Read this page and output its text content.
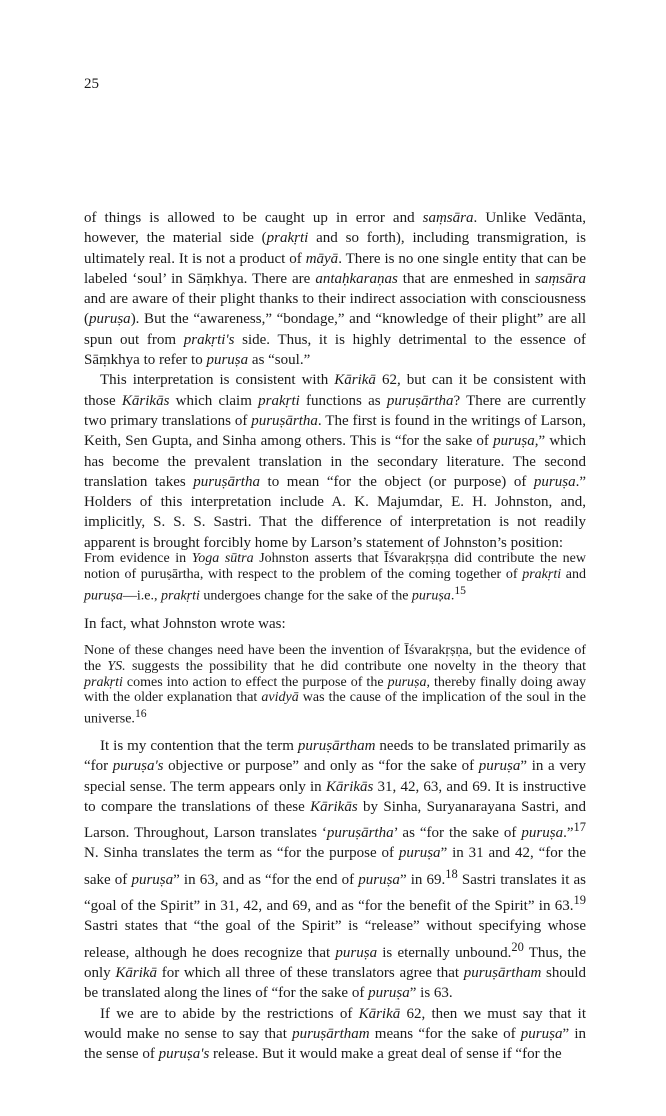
25

of things is allowed to be caught up in error and saṃsāra. Unlike Vedānta, however, the material side (prakṛti and so forth), including transmigration, is ultimately real. It is not a product of māyā. There is no one single entity that can be labeled ‘soul’ in Sāṃkhya. There are antaḥkaraṇas that are enmeshed in saṃsāra and are aware of their plight thanks to their indirect association with consciousness (puruṣa). But the “awareness,” “bondage,” and “knowledge of their plight” are all spun out from prakṛti's side. Thus, it is highly detrimental to the essence of Sāṃkhya to refer to puruṣa as “soul.”

This interpretation is consistent with Kārikā 62, but can it be consistent with those Kārikās which claim prakṛti functions as puruṣārtha? There are currently two primary translations of puruṣārtha. The first is found in the writings of Larson, Keith, Sen Gupta, and Sinha among others. This is “for the sake of puruṣa,” which has become the prevalent translation in the secondary literature. The second translation takes puruṣārtha to mean “for the object (or purpose) of puruṣa.” Holders of this interpretation include A. K. Majumdar, E. H. Johnston, and, implicitly, S. S. S. Sastri. That the difference of interpretation is not readily apparent is brought forcibly home by Larson’s statement of Johnston’s position:

From evidence in Yoga sūtra Johnston asserts that Īśvarakṛṣṇa did contribute the new notion of puruṣārtha, with respect to the problem of the coming together of prakṛti and puruṣa—i.e., prakṛti undergoes change for the sake of the puruṣa.$^{15}$

In fact, what Johnston wrote was:

None of these changes need have been the invention of Īśvarakṛṣṇa, but the evidence of the YS. suggests the possibility that he did contribute one novelty in the theory that prakṛti comes into action to effect the purpose of the puruṣa, thereby finally doing away with the older explanation that avidyā was the cause of the implication of the soul in the universe.$^{16}$

It is my contention that the term puruṣārtham needs to be translated primarily as “for puruṣa's objective or purpose” and only as “for the sake of puruṣa” in a very special sense. The term appears only in Kārikās 31, 42, 63, and 69. It is instructive to compare the translations of these Kārikās by Sinha, Suryanarayana Sastri, and Larson. Throughout, Larson translates ‘puruṣārtha’ as “for the sake of puruṣa.”$^{17}$ N. Sinha translates the term as “for the purpose of puruṣa” in 31 and 42, “for the sake of puruṣa” in 63, and as “for the end of puruṣa” in 69.18 Sastri translates it as “goal of the Spirit” in 31, 42, and 69, and as “for the benefit of the Spirit” in 63.19 Sastri states that “the goal of the Spirit” is “release” without specifying whose release, although he does recognize that puruṣa is eternally unbound.$^{20}$ Thus, the only Kārikā for which all three of these translators agree that puruṣārtham should be translated along the lines of “for the sake of puruṣa” is 63.

If we are to abide by the restrictions of Kārikā 62, then we must say that it would make no sense to say that puruṣārtham means “for the sake of puruṣa” in the sense of puruṣa's release. But it would make a great deal of sense if “for the
